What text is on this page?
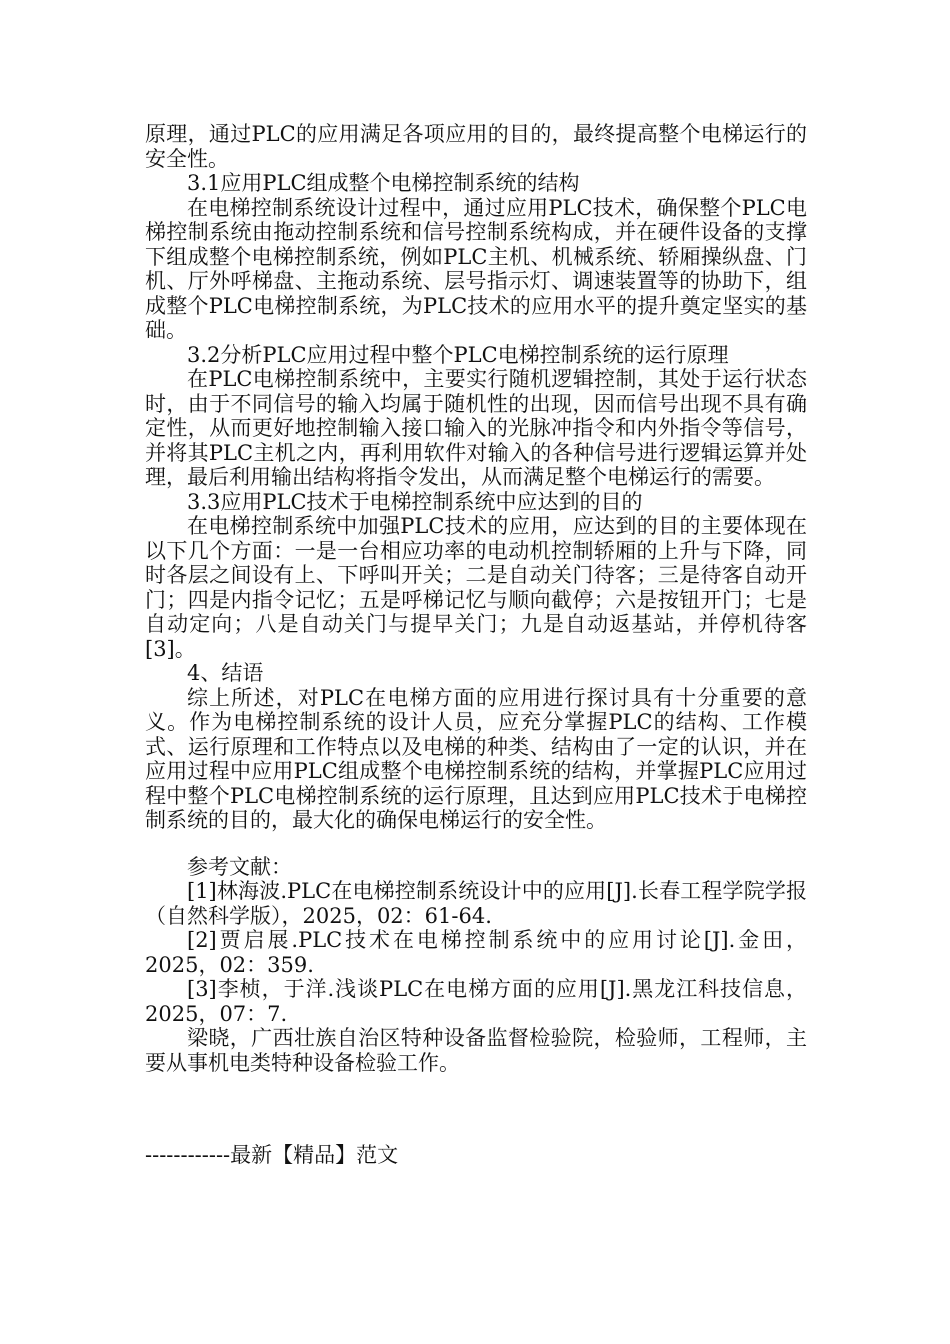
原理，通过PLC的应用满足各项应用的目的，最终提高整个电梯运行的安全性。

3.1应用PLC组成整个电梯控制系统的结构

在电梯控制系统设计过程中，通过应用PLC技术，确保整个PLC电梯控制系统由拖动控制系统和信号控制系统构成，并在硬件设备的支撑下组成整个电梯控制系统，例如PLC主机、机械系统、轿厢操纵盘、门机、厅外呼梯盘、主拖动系统、层号指示灯、调速装置等的协助下，组成整个PLC电梯控制系统，为PLC技术的应用水平的提升奠定坚实的基础。

3.2分析PLC应用过程中整个PLC电梯控制系统的运行原理

在PLC电梯控制系统中，主要实行随机逻辑控制，其处于运行状态时，由于不同信号的输入均属于随机性的出现，因而信号出现不具有确定性，从而更好地控制输入接口输入的光脉冲指令和内外指令等信号，并将其PLC主机之内，再利用软件对输入的各种信号进行逻辑运算并处理，最后利用输出结构将指令发出，从而满足整个电梯运行的需要。

3.3应用PLC技术于电梯控制系统中应达到的目的

在电梯控制系统中加强PLC技术的应用，应达到的目的主要体现在以下几个方面：一是一台相应功率的电动机控制轿厢的上升与下降，同时各层之间设有上、下呼叫开关；二是自动关门待客；三是待客自动开门；四是内指令记忆；五是呼梯记忆与顺向截停；六是按钮开门；七是自动定向；八是自动关门与提早关门；九是自动返基站，并停机待客[3]。

4、结语

综上所述，对PLC在电梯方面的应用进行探讨具有十分重要的意义。作为电梯控制系统的设计人员，应充分掌握PLC的结构、工作模式、运行原理和工作特点以及电梯的种类、结构由了一定的认识，并在应用过程中应用PLC组成整个电梯控制系统的结构，并掌握PLC应用过程中整个PLC电梯控制系统的运行原理，且达到应用PLC技术于电梯控制系统的目的，最大化的确保电梯运行的安全性。

参考文献：

[1]林海波.PLC在电梯控制系统设计中的应用[J].长春工程学院学报（自然科学版），2025，02：61-64.

[2]贾启展.PLC技术在电梯控制系统中的应用讨论[J].金田，2025，02：359.

[3]李桢，于洋.浅谈PLC在电梯方面的应用[J].黑龙江科技信息，2025，07：7.

梁晓，广西壮族自治区特种设备监督检验院，检验师，工程师，主要从事机电类特种设备检验工作。

------------最新【精品】范文
